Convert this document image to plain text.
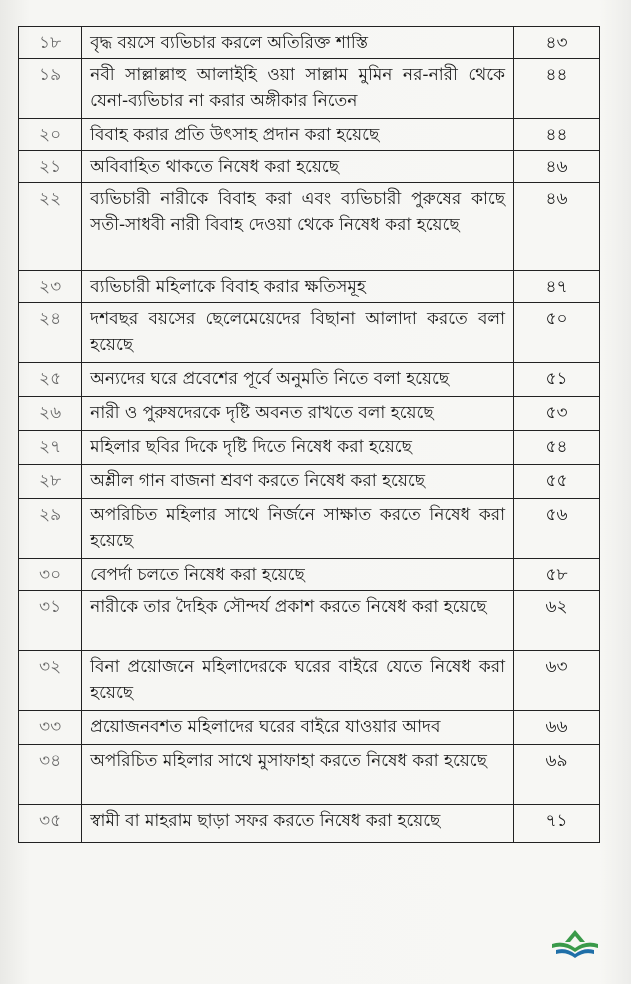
১৮	বৃদ্ধ বয়সে ব্যভিচার করলে অতিরিক্ত শাস্তি	৪৩
১৯	নবী সাল্লাল্লাহু আলাইহি ওয়া সাল্লাম মুমিন নর-নারী থেকে যেনা-ব্যভিচার না করার অঙ্গীকার নিতেন	৪৪
২০	বিবাহ করার প্রতি উৎসাহ প্রদান করা হয়েছে	৪৪
২১	অবিবাহিত থাকতে নিষেধ করা হয়েছে	৪৬
২২	ব্যভিচারী নারীকে বিবাহ করা এবং ব্যভিচারী পুরুষের কাছে সতী-সাধবী নারী বিবাহ দেওয়া থেকে নিষেধ করা হয়েছে	৪৬
২৩	ব্যভিচারী মহিলাকে বিবাহ করার ক্ষতিসমূহ	৪৭
২৪	দশবছর বয়সের ছেলেমেয়েদের বিছানা আলাদা করতে বলা হয়েছে	৫০
২৫	অন্যদের ঘরে প্রবেশের পূর্বে অনুমতি নিতে বলা হয়েছে	৫১
২৬	নারী ও পুরুষদেরকে দৃষ্টি অবনত রাখতে বলা হয়েছে	৫৩
২৭	মহিলার ছবির দিকে দৃষ্টি দিতে নিষেধ করা হয়েছে	৫৪
২৮	অশ্লীল গান বাজনা শ্রবণ করতে নিষেধ করা হয়েছে	৫৫
২৯	অপরিচিত মহিলার সাথে নির্জনে সাক্ষাত করতে নিষেধ করা হয়েছে	৫৬
৩০	বেপর্দা চলতে নিষেধ করা হয়েছে	৫৮
৩১	নারীকে তার দৈহিক সৌন্দর্য প্রকাশ করতে নিষেধ করা হয়েছে	৬২
৩২	বিনা প্রয়োজনে মহিলাদেরকে ঘরের বাইরে যেতে নিষেধ করা হয়েছে	৬৩
৩৩	প্রয়োজনবশত মহিলাদের ঘরের বাইরে যাওয়ার আদব	৬৬
৩৪	অপরিচিত মহিলার সাথে মুসাফাহা করতে নিষেধ করা হয়েছে	৬৯
৩৫	স্বামী বা মাহরাম ছাড়া সফর করতে নিষেধ করা হয়েছে	৭১
